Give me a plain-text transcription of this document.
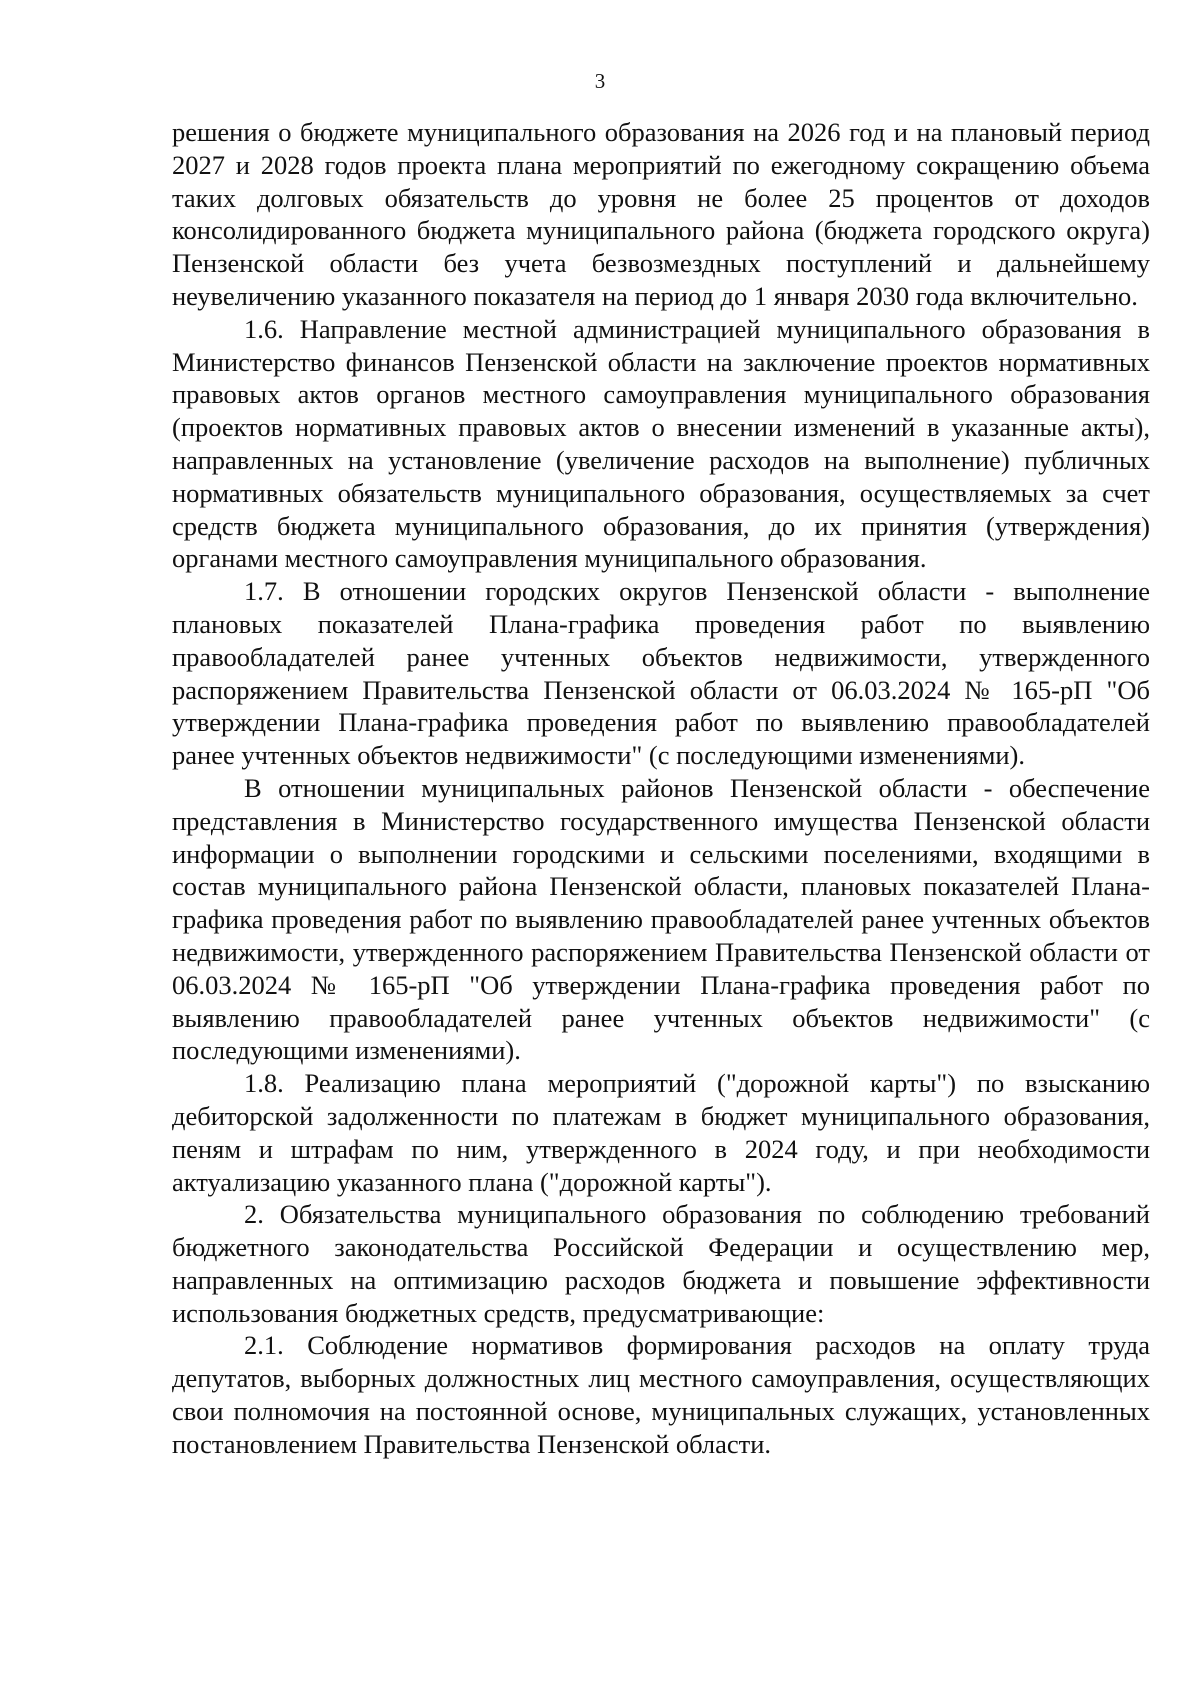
3

решения о бюджете муниципального образования на 2026 год и на плановый период 2027 и 2028 годов проекта плана мероприятий по ежегодному сокращению объема таких долговых обязательств до уровня не более 25 процентов от доходов консолидированного бюджета муниципального района (бюджета городского округа) Пензенской области без учета безвозмездных поступлений и дальнейшему неувеличению указанного показателя на период до 1 января 2030 года включительно.

1.6. Направление местной администрацией муниципального образования в Министерство финансов Пензенской области на заключение проектов нормативных правовых актов органов местного самоуправления муниципального образования (проектов нормативных правовых актов о внесении изменений в указанные акты), направленных на установление (увеличение расходов на выполнение) публичных нормативных обязательств муниципального образования, осуществляемых за счет средств бюджета муниципального образования, до их принятия (утверждения) органами местного самоуправления муниципального образования.

1.7. В отношении городских округов Пензенской области - выполнение плановых показателей Плана-графика проведения работ по выявлению правообладателей ранее учтенных объектов недвижимости, утвержденного распоряжением Правительства Пензенской области от 06.03.2024 № 165-рП "Об утверждении Плана-графика проведения работ по выявлению правообладателей ранее учтенных объектов недвижимости" (с последующими изменениями).

В отношении муниципальных районов Пензенской области - обеспечение представления в Министерство государственного имущества Пензенской области информации о выполнении городскими и сельскими поселениями, входящими в состав муниципального района Пензенской области, плановых показателей Плана-графика проведения работ по выявлению правообладателей ранее учтенных объектов недвижимости, утвержденного распоряжением Правительства Пензенской области от 06.03.2024 № 165-рП "Об утверждении Плана-графика проведения работ по выявлению правообладателей ранее учтенных объектов недвижимости" (с последующими изменениями).

1.8. Реализацию плана мероприятий ("дорожной карты") по взысканию дебиторской задолженности по платежам в бюджет муниципального образования, пеням и штрафам по ним, утвержденного в 2024 году, и при необходимости актуализацию указанного плана ("дорожной карты").

2. Обязательства муниципального образования по соблюдению требований бюджетного законодательства Российской Федерации и осуществлению мер, направленных на оптимизацию расходов бюджета и повышение эффективности использования бюджетных средств, предусматривающие:

2.1. Соблюдение нормативов формирования расходов на оплату труда депутатов, выборных должностных лиц местного самоуправления, осуществляющих свои полномочия на постоянной основе, муниципальных служащих, установленных постановлением Правительства Пензенской области.
